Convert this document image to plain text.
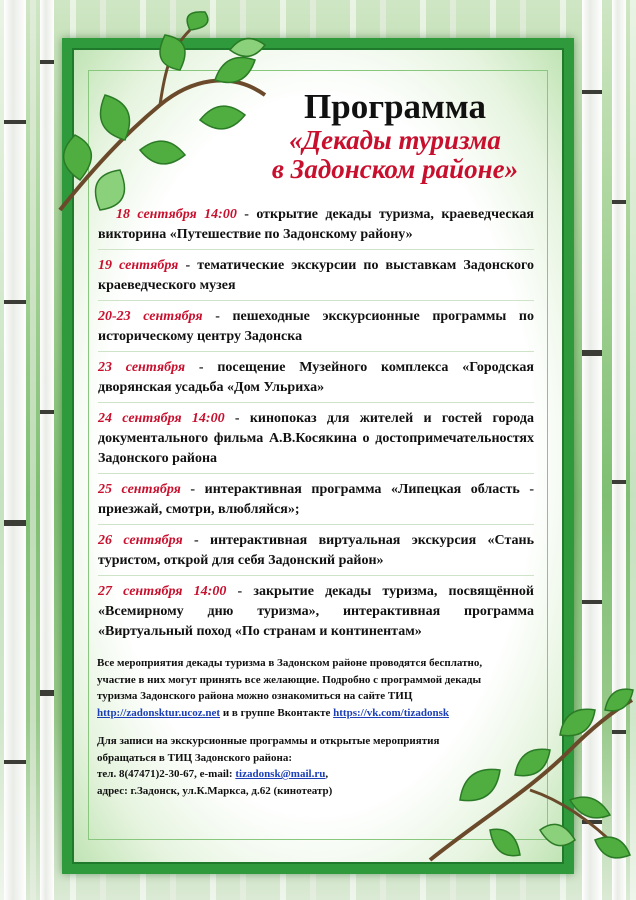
Программа
«Декады туризма
в Задонском районе»

18 сентября 14:00 - открытие декады туризма, краеведческая викторина «Путешествие по Задонскому району»

19 сентября - тематические экскурсии по выставкам Задонского краеведческого музея

20-23 сентября - пешеходные экскурсионные программы по историческому центру Задонска

23 сентября - посещение Музейного комплекса «Городская дворянская усадьба «Дом Ульриха»

24 сентября 14:00 - кинопоказ для жителей и гостей города документального фильма А.В.Косякина о достопримечательностях Задонского района

25 сентября - интерактивная программа «Липецкая область - приезжай, смотри, влюбляйся»;

26 сентября - интерактивная виртуальная экскурсия «Стань туристом, открой для себя Задонский район»

27 сентября 14:00 - закрытие декады туризма, посвящённой «Всемирному дню туризма», интерактивная программа «Виртуальный поход «По странам и континентам»

Все мероприятия декады туризма в Задонском районе проводятся бесплатно, участие в них могут принять все желающие. Подробно с программой декады туризма Задонского района можно ознакомиться на сайте ТИЦ http://zadonsktur.ucoz.net и в группе Вконтакте https://vk.com/tizadonsk

Для записи на экскурсионные программы и открытые мероприятия обращаться в ТИЦ Задонского района:
тел. 8(47471)2-30-67, e-mail: tizadonsk@mail.ru,
адрес: г.Задонск, ул.К.Маркса, д.62 (кинотеатр)
